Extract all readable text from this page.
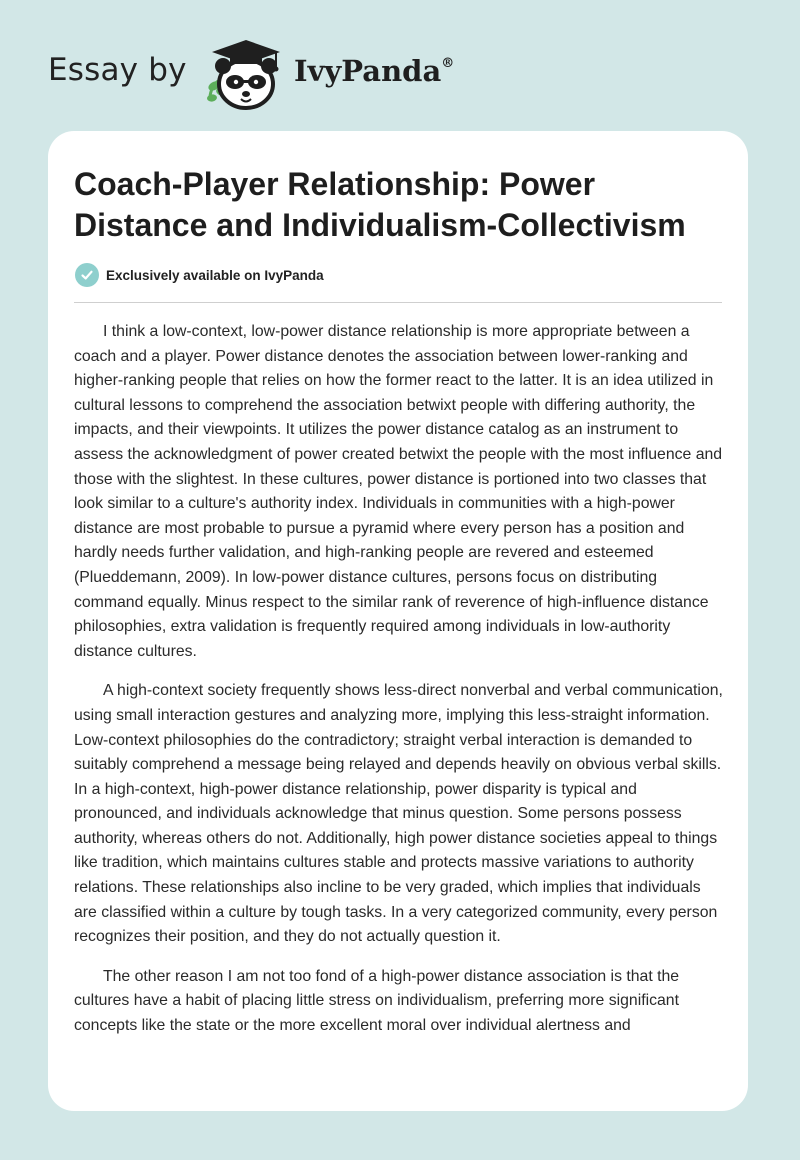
Essay by	IvyPanda®
Coach-Player Relationship: Power Distance and Individualism-Collectivism
Exclusively available on IvyPanda

I think a low-context, low-power distance relationship is more appropriate between a coach and a player. Power distance denotes the association between lower-ranking and higher-ranking people that relies on how the former react to the latter. It is an idea utilized in cultural lessons to comprehend the association betwixt people with differing authority, the impacts, and their viewpoints. It utilizes the power distance catalog as an instrument to assess the acknowledgment of power created betwixt the people with the most influence and those with the slightest. In these cultures, power distance is portioned into two classes that look similar to a culture's authority index. Individuals in communities with a high-power distance are most probable to pursue a pyramid where every person has a position and hardly needs further validation, and high-ranking people are revered and esteemed (Plueddemann, 2009). In low-power distance cultures, persons focus on distributing command equally. Minus respect to the similar rank of reverence of high-influence distance philosophies, extra validation is frequently required among individuals in low-authority distance cultures.

A high-context society frequently shows less-direct nonverbal and verbal communication, using small interaction gestures and analyzing more, implying this less-straight information. Low-context philosophies do the contradictory; straight verbal interaction is demanded to suitably comprehend a message being relayed and depends heavily on obvious verbal skills. In a high-context, high-power distance relationship, power disparity is typical and pronounced, and individuals acknowledge that minus question. Some persons possess authority, whereas others do not. Additionally, high power distance societies appeal to things like tradition, which maintains cultures stable and protects massive variations to authority relations. These relationships also incline to be very graded, which implies that individuals are classified within a culture by tough tasks. In a very categorized community, every person recognizes their position, and they do not actually question it.

The other reason I am not too fond of a high-power distance association is that the cultures have a habit of placing little stress on individualism, preferring more significant concepts like the state or the more excellent moral over individual alertness and
